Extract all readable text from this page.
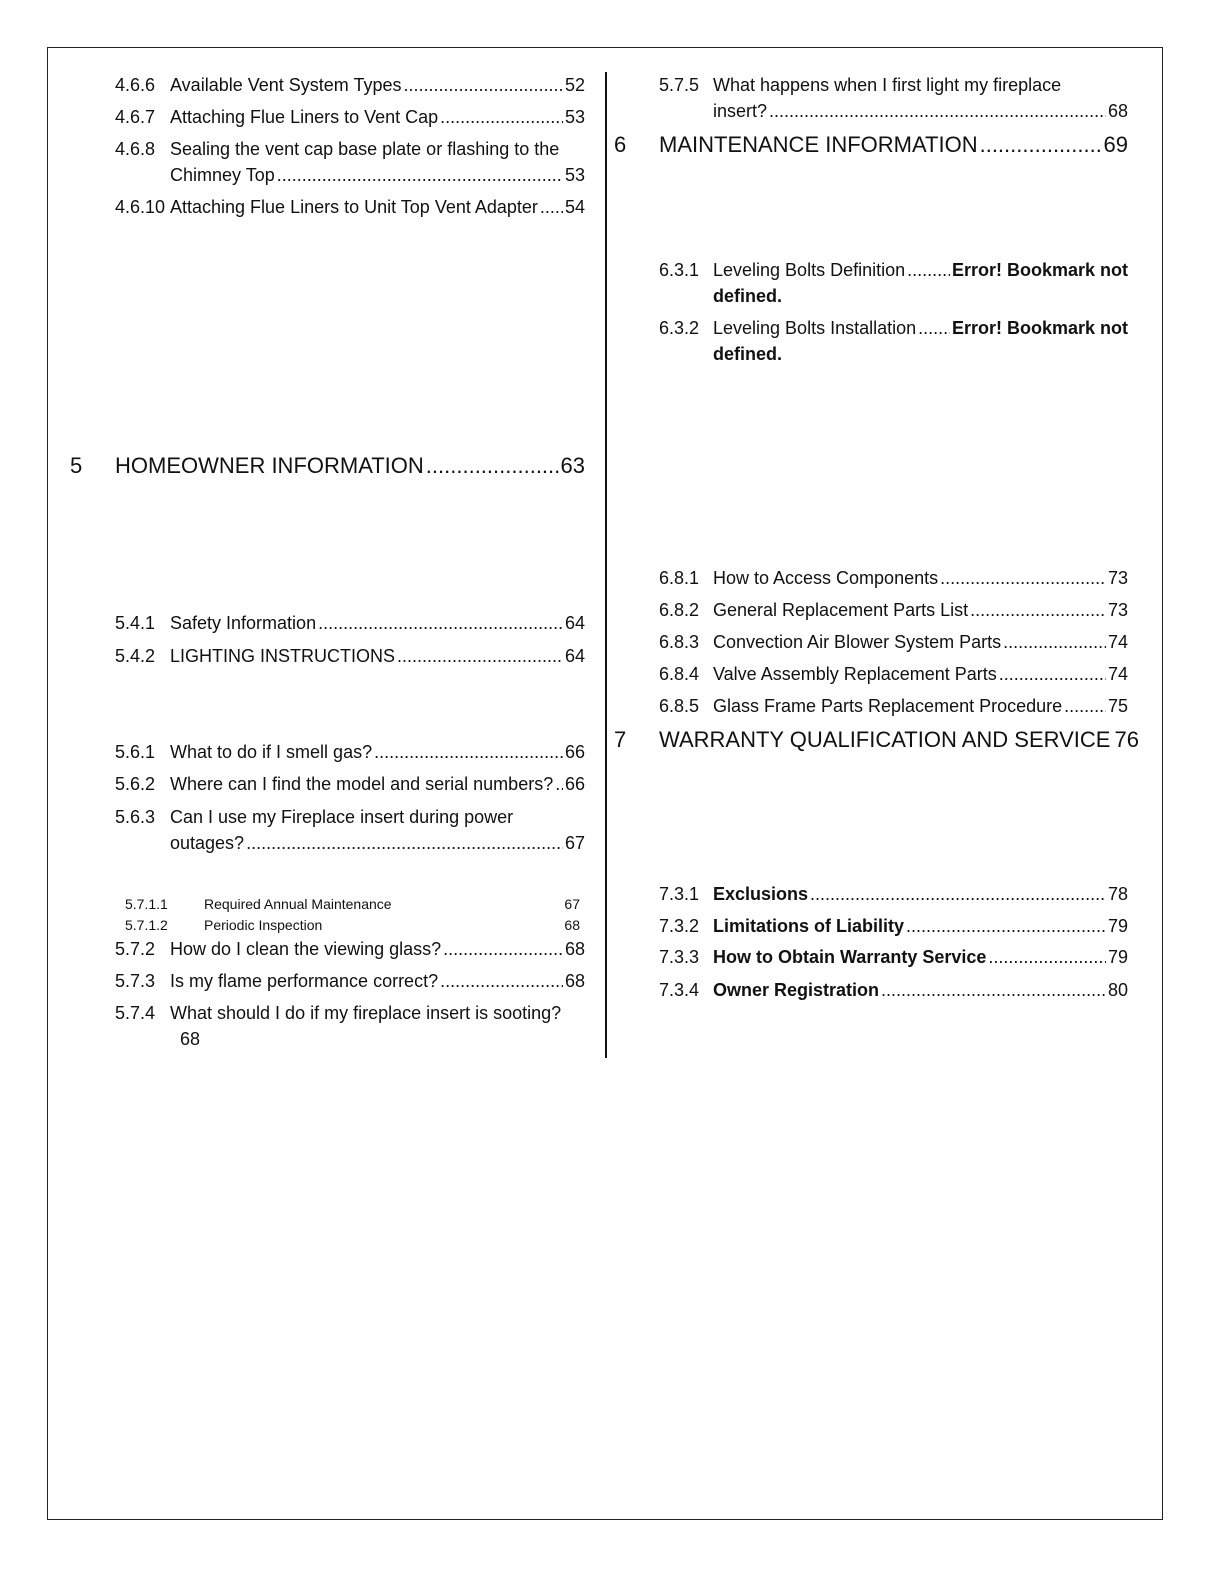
4.6.6 Available Vent System Types .....	52
4.6.7 Attaching Flue Liners to Vent Cap .....	53
4.6.8 Sealing the vent cap base plate or flashing to the
Chimney Top .....	53
4.6.10 Attaching Flue Liners to Unit Top Vent Adapter ..... 54
5 HOMEOWNER INFORMATION .....	63
5.4.1 Safety Information .....	64
5.4.2 LIGHTING INSTRUCTIONS .....	64
5.6.1 What to do if I smell gas? .....	66
5.6.2 Where can I find the model and serial numbers? ..... 66
5.6.3 Can I use my Fireplace insert during power
outages? .....	67
5.7.1.1	Required Annual Maintenance	67
5.7.1.2	Periodic Inspection	68
5.7.2 How do I clean the viewing glass? .....	68
5.7.3 Is my flame performance correct? .....	68
5.7.4 What should I do if my fireplace insert is sooting?
68
5.7.5 What happens when I first light my fireplace
insert? .....	68
6 MAINTENANCE INFORMATION .....	69
6.3.1 Leveling Bolts Definition .....	Error! Bookmark not
defined.
6.3.2 Leveling Bolts Installation ..... Error! Bookmark not
defined.
6.8.1 How to Access Components .....	73
6.8.2 General Replacement Parts List .....	73
6.8.3 Convection Air Blower System Parts .....	74
6.8.4 Valve Assembly Replacement Parts .....	74
6.8.5 Glass Frame Parts Replacement Procedure .....	75
7 WARRANTY QUALIFICATION AND SERVICE 76
7.3.1 Exclusions .....	78
7.3.2 Limitations of Liability .....	79
7.3.3 How to Obtain Warranty Service .....	79
7.3.4 Owner Registration .....	80
